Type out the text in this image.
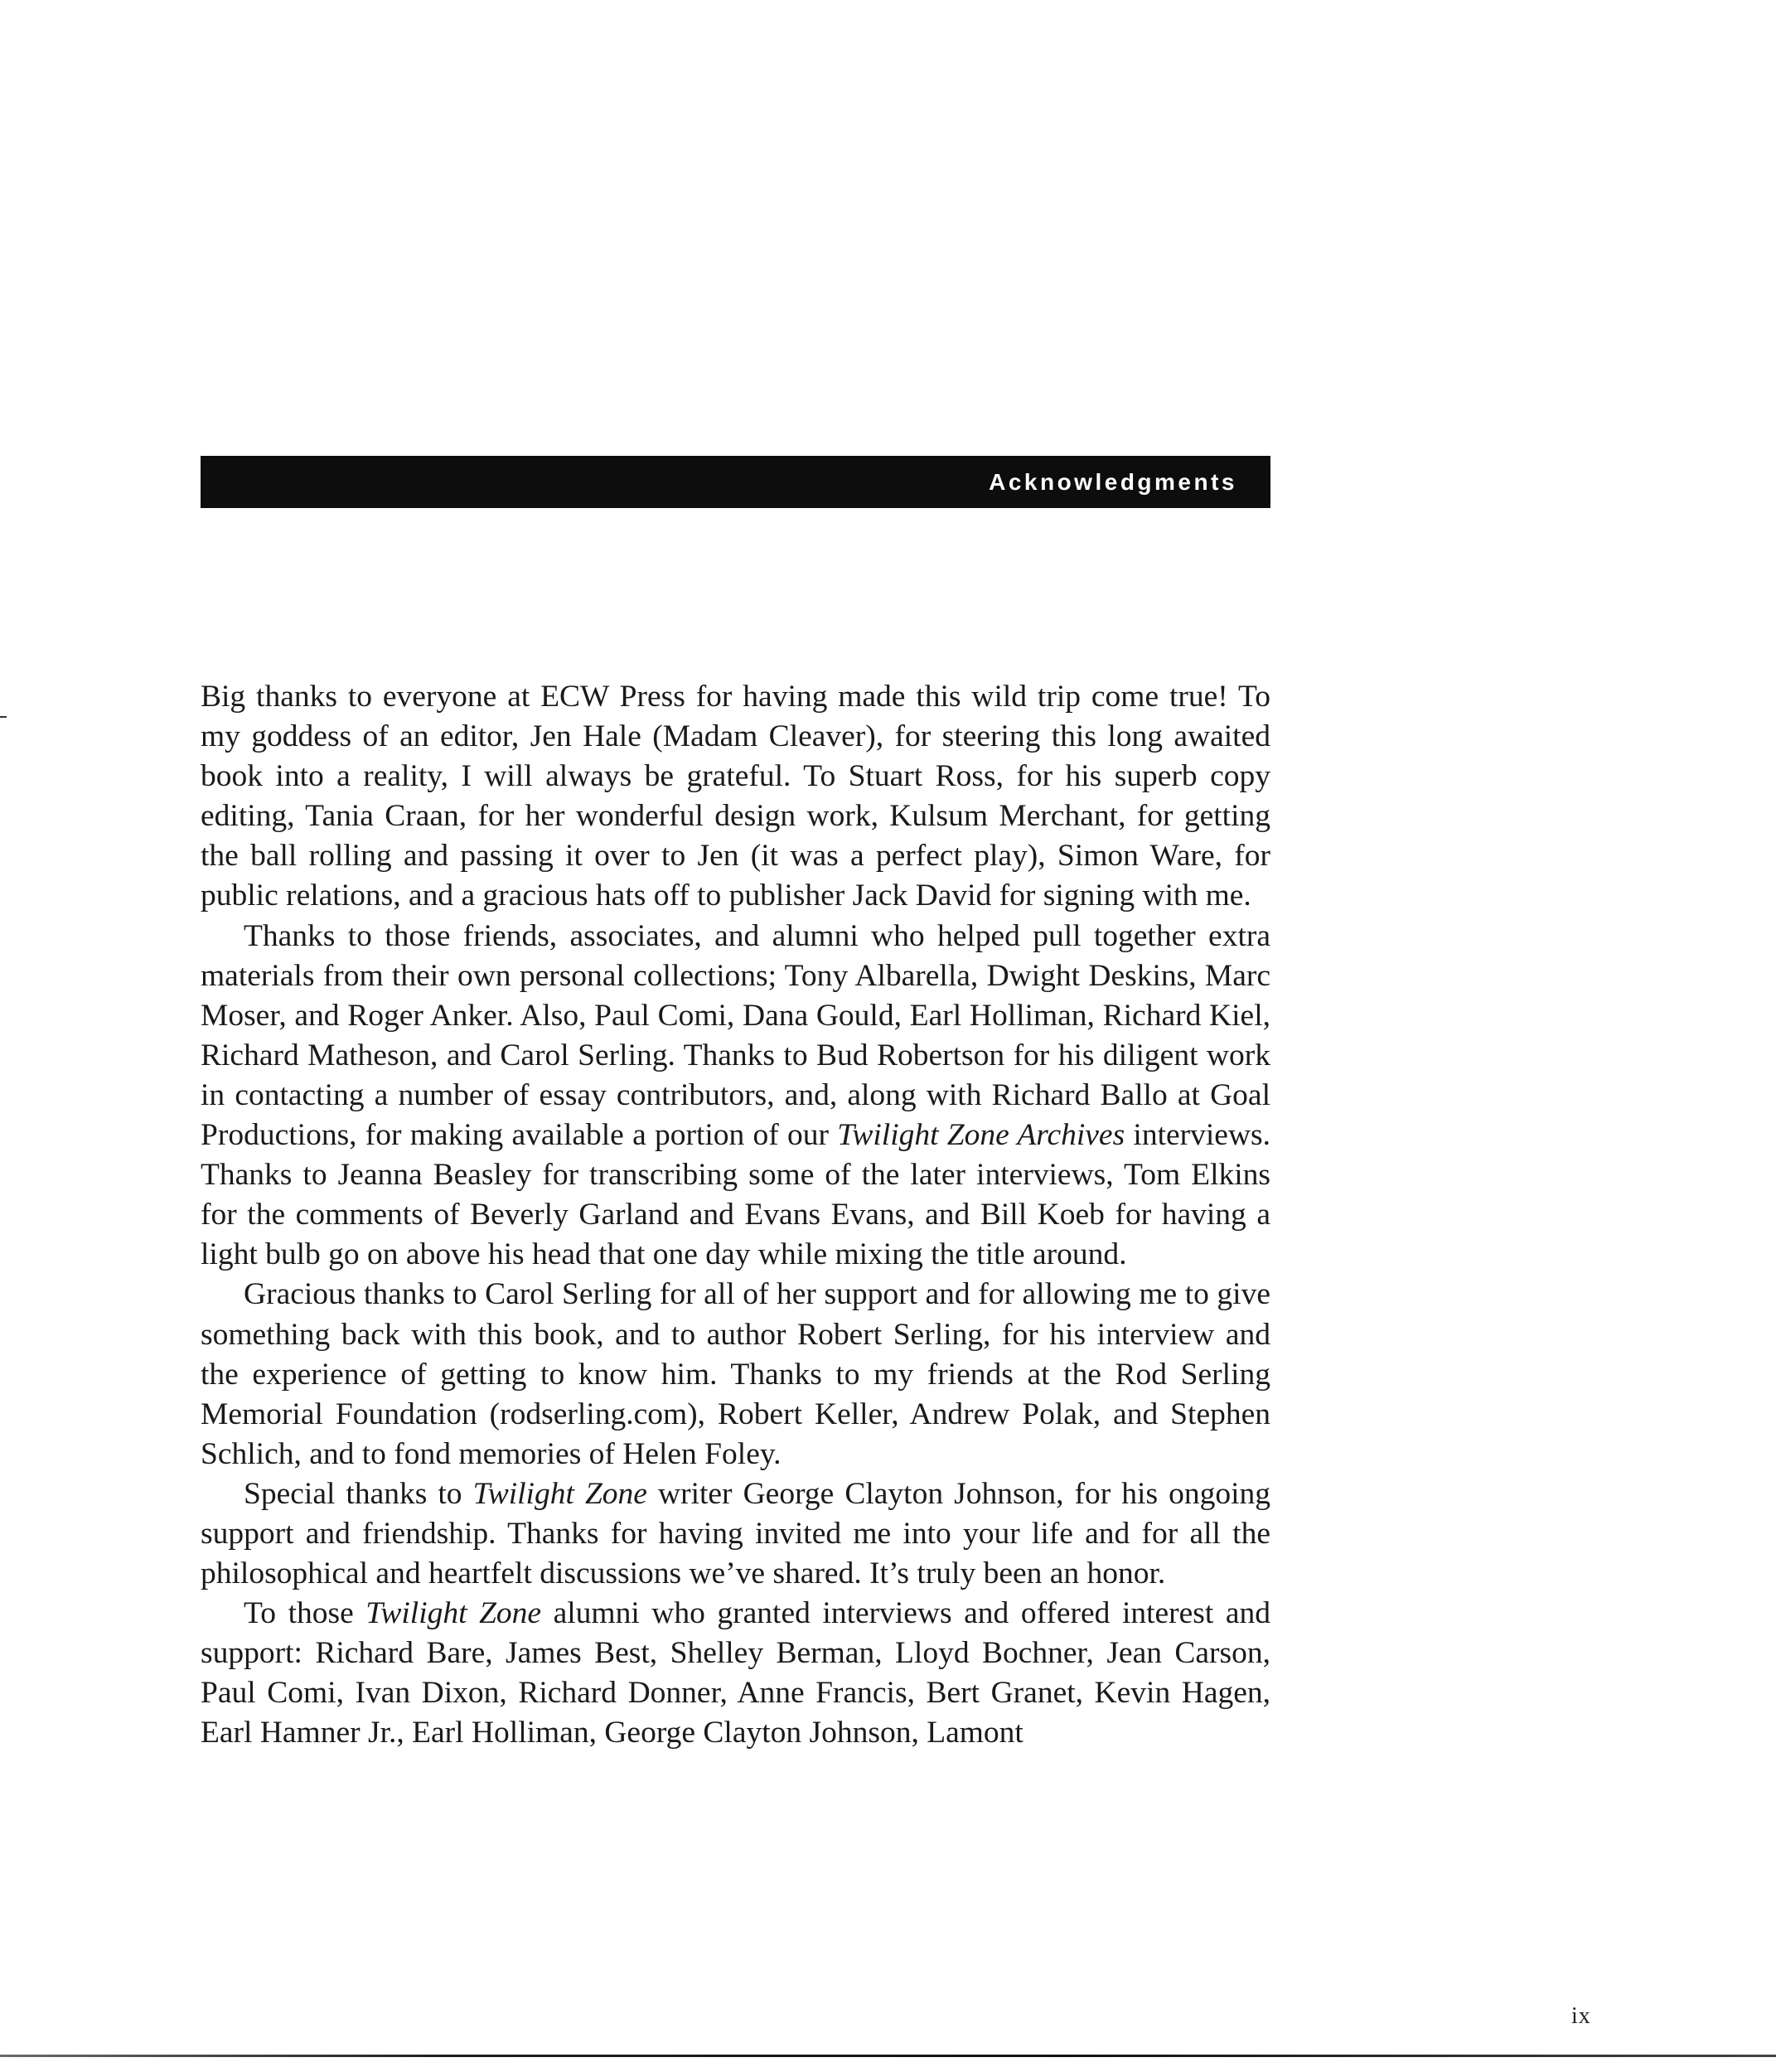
Acknowledgments

Big thanks to everyone at ECW Press for having made this wild trip come true! To my goddess of an editor, Jen Hale (Madam Cleaver), for steering this long awaited book into a reality, I will always be grateful. To Stuart Ross, for his superb copy editing, Tania Craan, for her wonderful design work, Kulsum Merchant, for getting the ball rolling and passing it over to Jen (it was a perfect play), Simon Ware, for public relations, and a gracious hats off to publisher Jack David for signing with me.

Thanks to those friends, associates, and alumni who helped pull together extra materials from their own personal collections; Tony Albarella, Dwight Deskins, Marc Moser, and Roger Anker. Also, Paul Comi, Dana Gould, Earl Holliman, Richard Kiel, Richard Matheson, and Carol Serling. Thanks to Bud Robertson for his diligent work in contacting a number of essay contributors, and, along with Richard Ballo at Goal Productions, for making available a portion of our Twilight Zone Archives interviews. Thanks to Jeanna Beasley for transcribing some of the later interviews, Tom Elkins for the comments of Beverly Garland and Evans Evans, and Bill Koeb for having a light bulb go on above his head that one day while mixing the title around.

Gracious thanks to Carol Serling for all of her support and for allowing me to give something back with this book, and to author Robert Serling, for his interview and the experience of getting to know him. Thanks to my friends at the Rod Serling Memorial Foundation (rodserling.com), Robert Keller, Andrew Polak, and Stephen Schlich, and to fond memories of Helen Foley.

Special thanks to Twilight Zone writer George Clayton Johnson, for his ongoing support and friendship. Thanks for having invited me into your life and for all the philosophical and heartfelt discussions we’ve shared. It’s truly been an honor.

To those Twilight Zone alumni who granted interviews and offered interest and support: Richard Bare, James Best, Shelley Berman, Lloyd Bochner, Jean Carson, Paul Comi, Ivan Dixon, Richard Donner, Anne Francis, Bert Granet, Kevin Hagen, Earl Hamner Jr., Earl Holliman, George Clayton Johnson, Lamont

ix
